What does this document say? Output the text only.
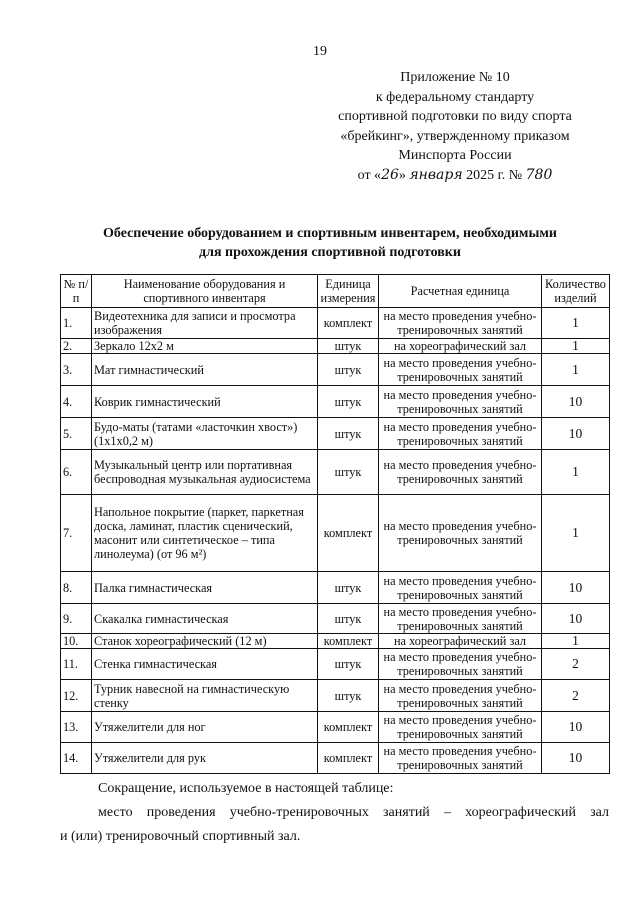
19
Приложение № 10
к федеральному стандарту
спортивной подготовки по виду спорта
«брейкинг», утвержденному приказом
Минспорта России
от «26» января 2025 г. № 780
Обеспечение оборудованием и спортивным инвентарем, необходимыми
для прохождения спортивной подготовки
№ п/п	Наименование оборудования и спортивного инвентаря	Единица измерения	Расчетная единица	Количество изделий
1.	Видеотехника для записи и просмотра изображения	комплект	на место проведения учебно-тренировочных занятий	1
2.	Зеркало 12х2 м	штук	на хореографический зал	1
3.	Мат гимнастический	штук	на место проведения учебно-тренировочных занятий	1
4.	Коврик гимнастический	штук	на место проведения учебно-тренировочных занятий	10
5.	Будо-маты (татами «ласточкин хвост») (1х1х0,2 м)	штук	на место проведения учебно-тренировочных занятий	10
6.	Музыкальный центр или портативная беспроводная музыкальная аудиосистема	штук	на место проведения учебно-тренировочных занятий	1
7.	Напольное покрытие (паркет, паркетная доска, ламинат, пластик сценический, масонит или синтетическое – типа линолеума) (от 96 м²)	комплект	на место проведения учебно-тренировочных занятий	1
8.	Палка гимнастическая	штук	на место проведения учебно-тренировочных занятий	10
9.	Скакалка гимнастическая	штук	на место проведения учебно-тренировочных занятий	10
10.	Станок хореографический (12 м)	комплект	на хореографический зал	1
11.	Стенка гимнастическая	штук	на место проведения учебно-тренировочных занятий	2
12.	Турник навесной на гимнастическую стенку	штук	на место проведения учебно-тренировочных занятий	2
13.	Утяжелители для ног	комплект	на место проведения учебно-тренировочных занятий	10
14.	Утяжелители для рук	комплект	на место проведения учебно-тренировочных занятий	10
Сокращение, используемое в настоящей таблице:
место проведения учебно-тренировочных занятий – хореографический зал
и (или) тренировочный спортивный зал.
